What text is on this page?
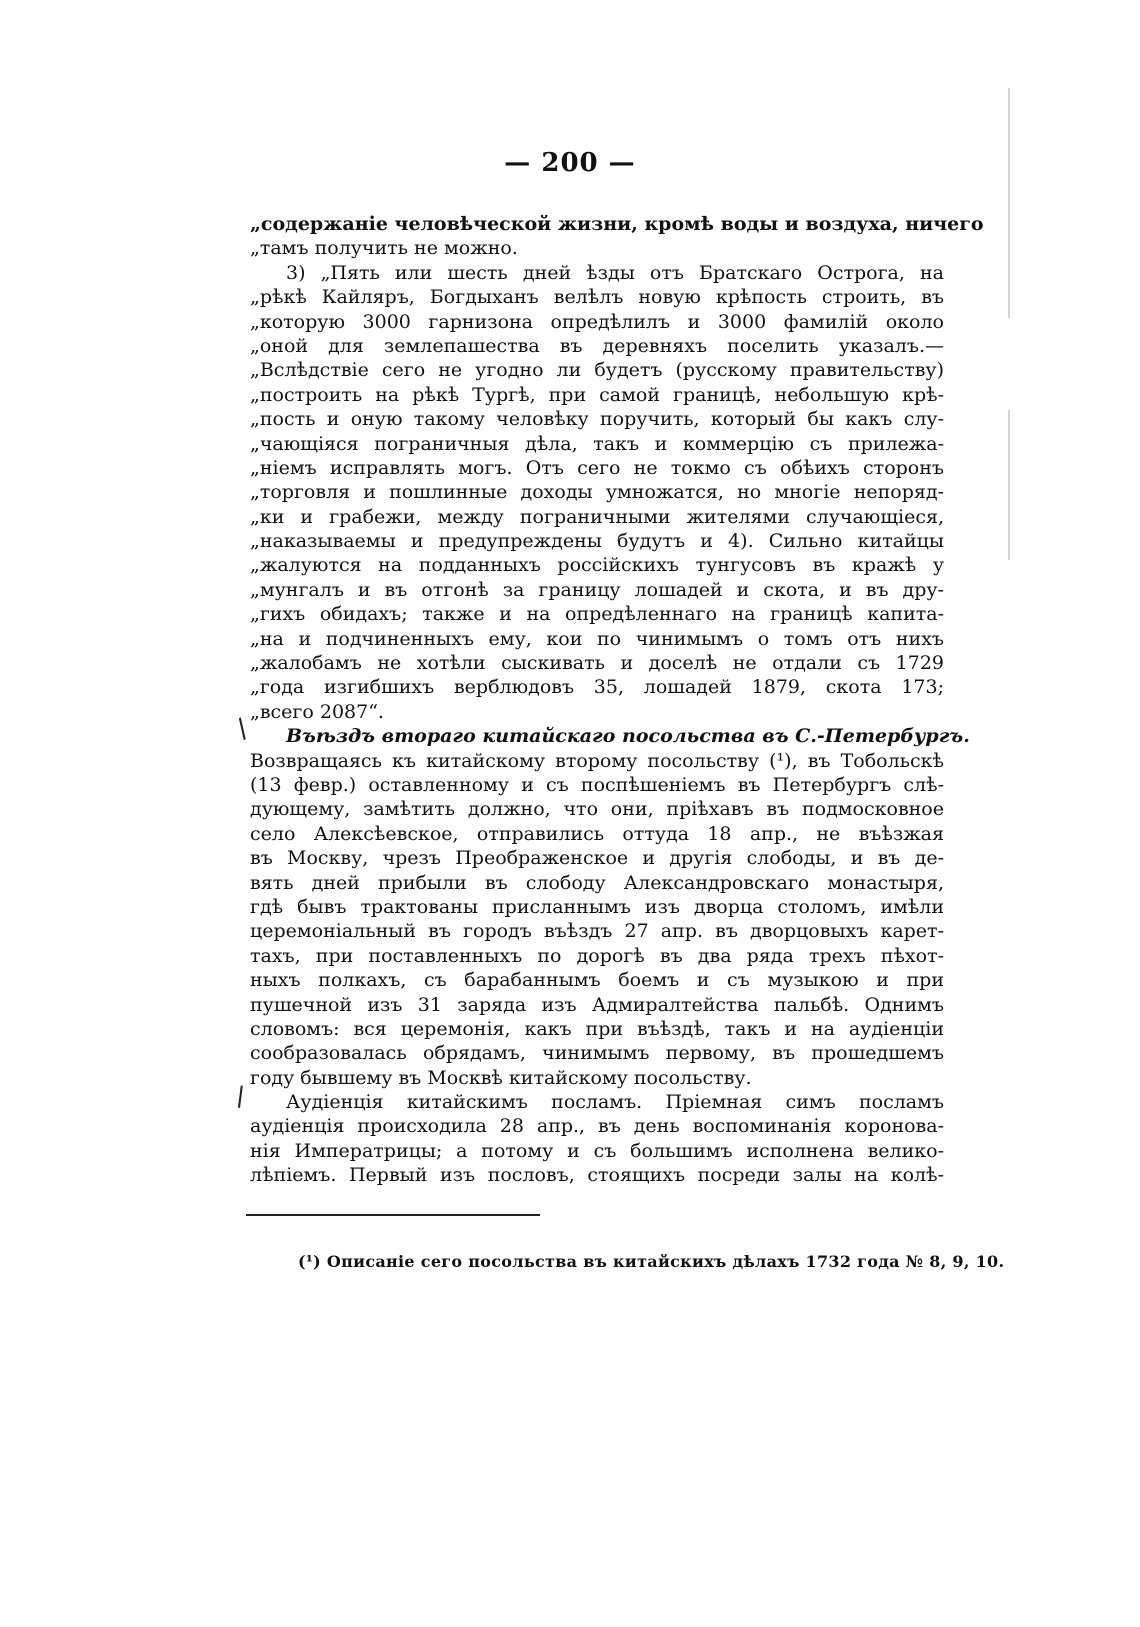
— 200 —
„содержаніе человѣческой жизни, кромѣ воды и воздуха, ничего
„тамъ получить не можно.
3) „Пять или шесть дней ѣзды отъ Братскаго Острога, на
„рѣкѣ Кайляръ, Богдыханъ велѣлъ новую крѣпость строить, въ
„которую 3000 гарнизона опредѣлилъ и 3000 фамилій около
„оной для землепашества въ деревняхъ поселить указалъ.—
„Вслѣдствіе сего не угодно ли будетъ (русскому правительству)
„построить на рѣкѣ Тургѣ, при самой границѣ, небольшую крѣ-
„пость и оную такому человѣку поручить, который бы какъ слу-
„чающіяся пограничныя дѣла, такъ и коммерцію съ прилежа-
„ніемъ исправлять могъ. Отъ сего не токмо съ обѣихъ сторонъ
„торговля и пошлинные доходы умножатся, но многіе непоряд-
„ки и грабежи, между пограничными жителями случающіеся,
„наказываемы и предупреждены будутъ и 4). Сильно китайцы
„жалуются на подданныхъ россійскихъ тунгусовъ въ кражѣ у
„мунгалъ и въ отгонѣ за границу лошадей и скота, и въ дру-
„гихъ обидахъ; также и на опредѣленнаго на границѣ капита-
„на и подчиненныхъ ему, кои по чинимымъ о томъ отъ нихъ
„жалобамъ не хотѣли сыскивать и доселѣ не отдали съ 1729
„года изгибшихъ верблюдовъ 35, лошадей 1879, скота 173;
„всего 2087“.
Въѣздъ втораго китайскаго посольства въ С.-Петербургъ.
Возвращаясь къ китайскому второму посольству (¹), въ Тобольскѣ
(13 февр.) оставленному и съ поспѣшеніемъ въ Петербургъ слѣ-
дующему, замѣтить должно, что они, пріѣхавъ въ подмосковное
село Алексѣевское, отправились оттуда 18 апр., не въѣзжая
въ Москву, чрезъ Преображенское и другія слободы, и въ де-
вять дней прибыли въ слободу Александровскаго монастыря,
гдѣ бывъ трактованы присланнымъ изъ дворца столомъ, имѣли
церемоніальный въ городъ въѣздъ 27 апр. въ дворцовыхъ карет-
тахъ, при поставленныхъ по дорогѣ въ два ряда трехъ пѣхот-
ныхъ полкахъ, съ барабаннымъ боемъ и съ музыкою и при
пушечной изъ 31 заряда изъ Адмиралтейства пальбѣ. Однимъ
словомъ: вся церемонія, какъ при въѣздѣ, такъ и на аудіенціи
сообразовалась обрядамъ, чинимымъ первому, въ прошедшемъ
году бывшему въ Москвѣ китайскому посольству.
Аудіенція китайскимъ посламъ. Пріемная симъ посламъ
аудіенція происходила 28 апр., въ день воспоминанія короновa-
нія Императрицы; а потому и съ большимъ исполнена велико-
лѣпіемъ. Первый изъ пословъ, стоящихъ посреди залы на колѣ-
/
/
(¹) Описаніе сего посольства въ китайскихъ дѣлахъ 1732 года № 8, 9, 10.
